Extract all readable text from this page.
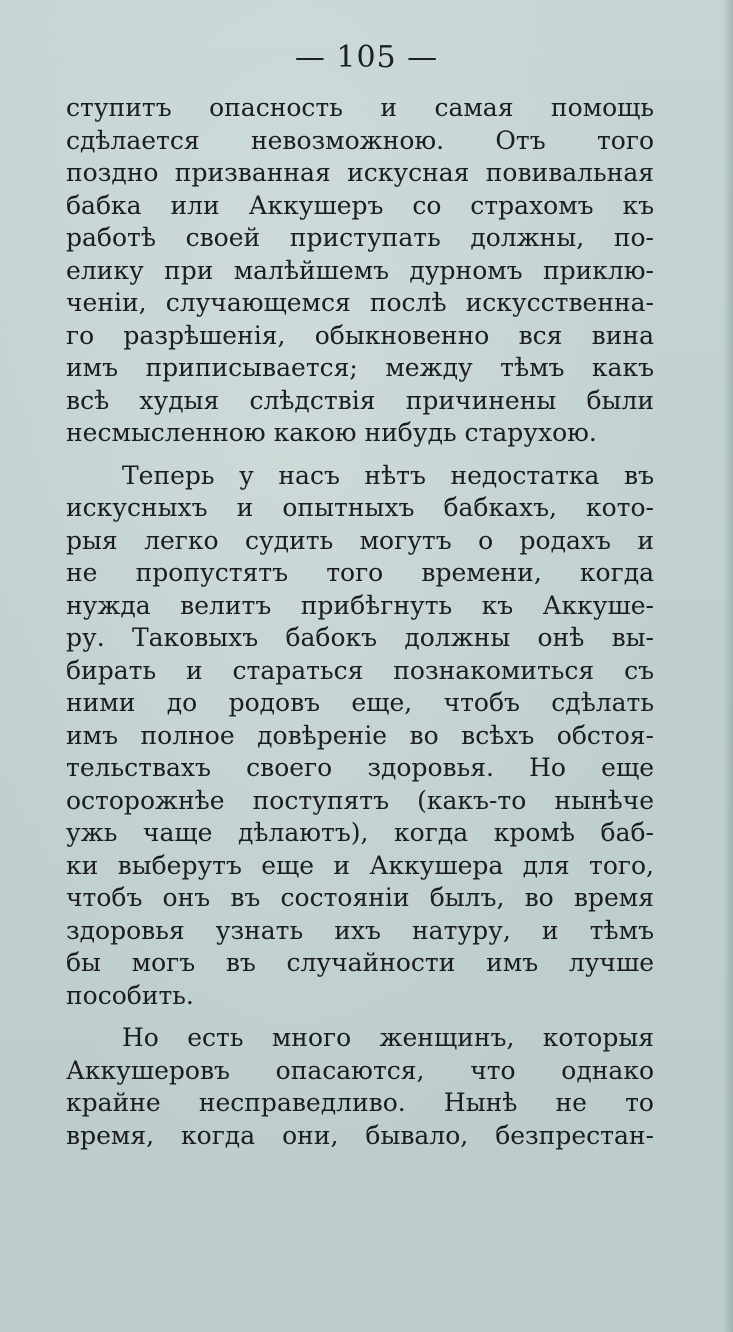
— 105 —
ступитъ опасность и самая помощь
сдѣлается невозможною. Отъ того
поздно призванная искусная повивальная
бабка или Аккушеръ со страхомъ къ
работѣ своей приступать должны, по-
елику при малѣйшемъ дурномъ приклю-
ченіи, случающемся послѣ искусственна-
го разрѣшенія, обыкновенно вся вина
имъ приписывается; между тѣмъ какъ
всѣ худыя слѣдствія причинены были
несмысленною какою нибудь старухою.
Теперь у насъ нѣтъ недостатка въ
искусныхъ и опытныхъ бабкахъ, кото-
рыя легко судить могутъ о родахъ и
не пропустятъ того времени, когда
нужда велитъ прибѣгнуть къ Аккуше-
ру. Таковыхъ бабокъ должны онѣ вы-
бирать и стараться познакомиться съ
ними до родовъ еще, чтобъ сдѣлать
имъ полное довѣреніе во всѣхъ обстоя-
тельствахъ своего здоровья. Но еще
осторожнѣе поступятъ (какъ-то нынѣче
ужь чаще дѣлаютъ), когда кромѣ баб-
ки выберутъ еще и Аккушера для того,
чтобъ онъ въ состояніи былъ, во время
здоровья узнать ихъ натуру, и тѣмъ
бы могъ въ случайности имъ лучше
пособить.
Но есть много женщинъ, которыя
Аккушеровъ опасаются, что однако
крайне несправедливо. Нынѣ не то
время, когда они, бывало, безпрестан-
